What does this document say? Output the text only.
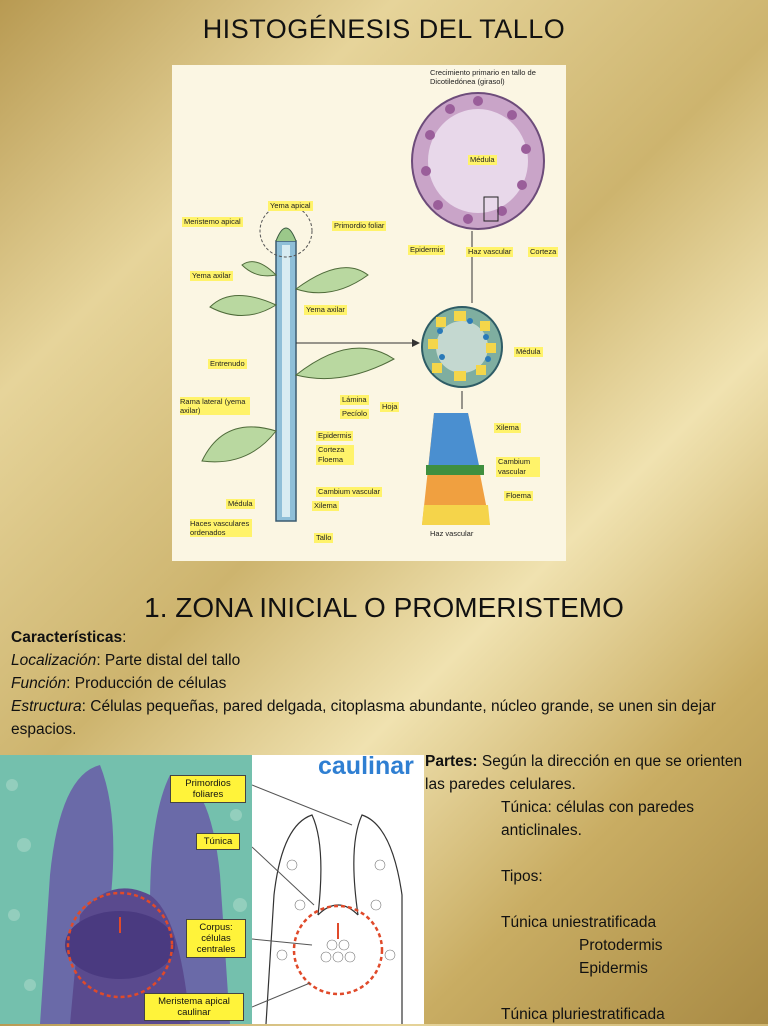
HISTOGÉNESIS DEL TALLO
Crecimiento primario en tallo de Dicotiledónea (girasol)
Médula
Yema apical
Meristemo apical	Primordio foliar
Epidermis	Haz vascular Corteza
Yema axilar
Yema axilar
Entrenudo
Médula
Xilema
Rama lateral (yema axilar)
Lámina
Pecíolo
Hoja
Epidermis
Corteza Floema
Cambium vascular
Cambium vascular
Floema
Médula	Xilema
Haces vasculares ordenados
Tallo	Haz vascular
1. ZONA INICIAL O PROMERISTEMO

Características:

Localización: Parte distal del tallo

Función: Producción de células

Estructura: Células pequeñas, pared delgada, citoplasma abundante, núcleo grande, se unen sin dejar espacios.

Primordios foliares
Túnica
Corpus: células centrales
Meristema apical caulinar
caulinar Partes: Según la dirección en que se orienten las paredes celulares.

Túnica: células con paredes anticlinales.

Tipos:

Túnica uniestratificada

Protodermis

Epidermis

Túnica pluriestratificada
